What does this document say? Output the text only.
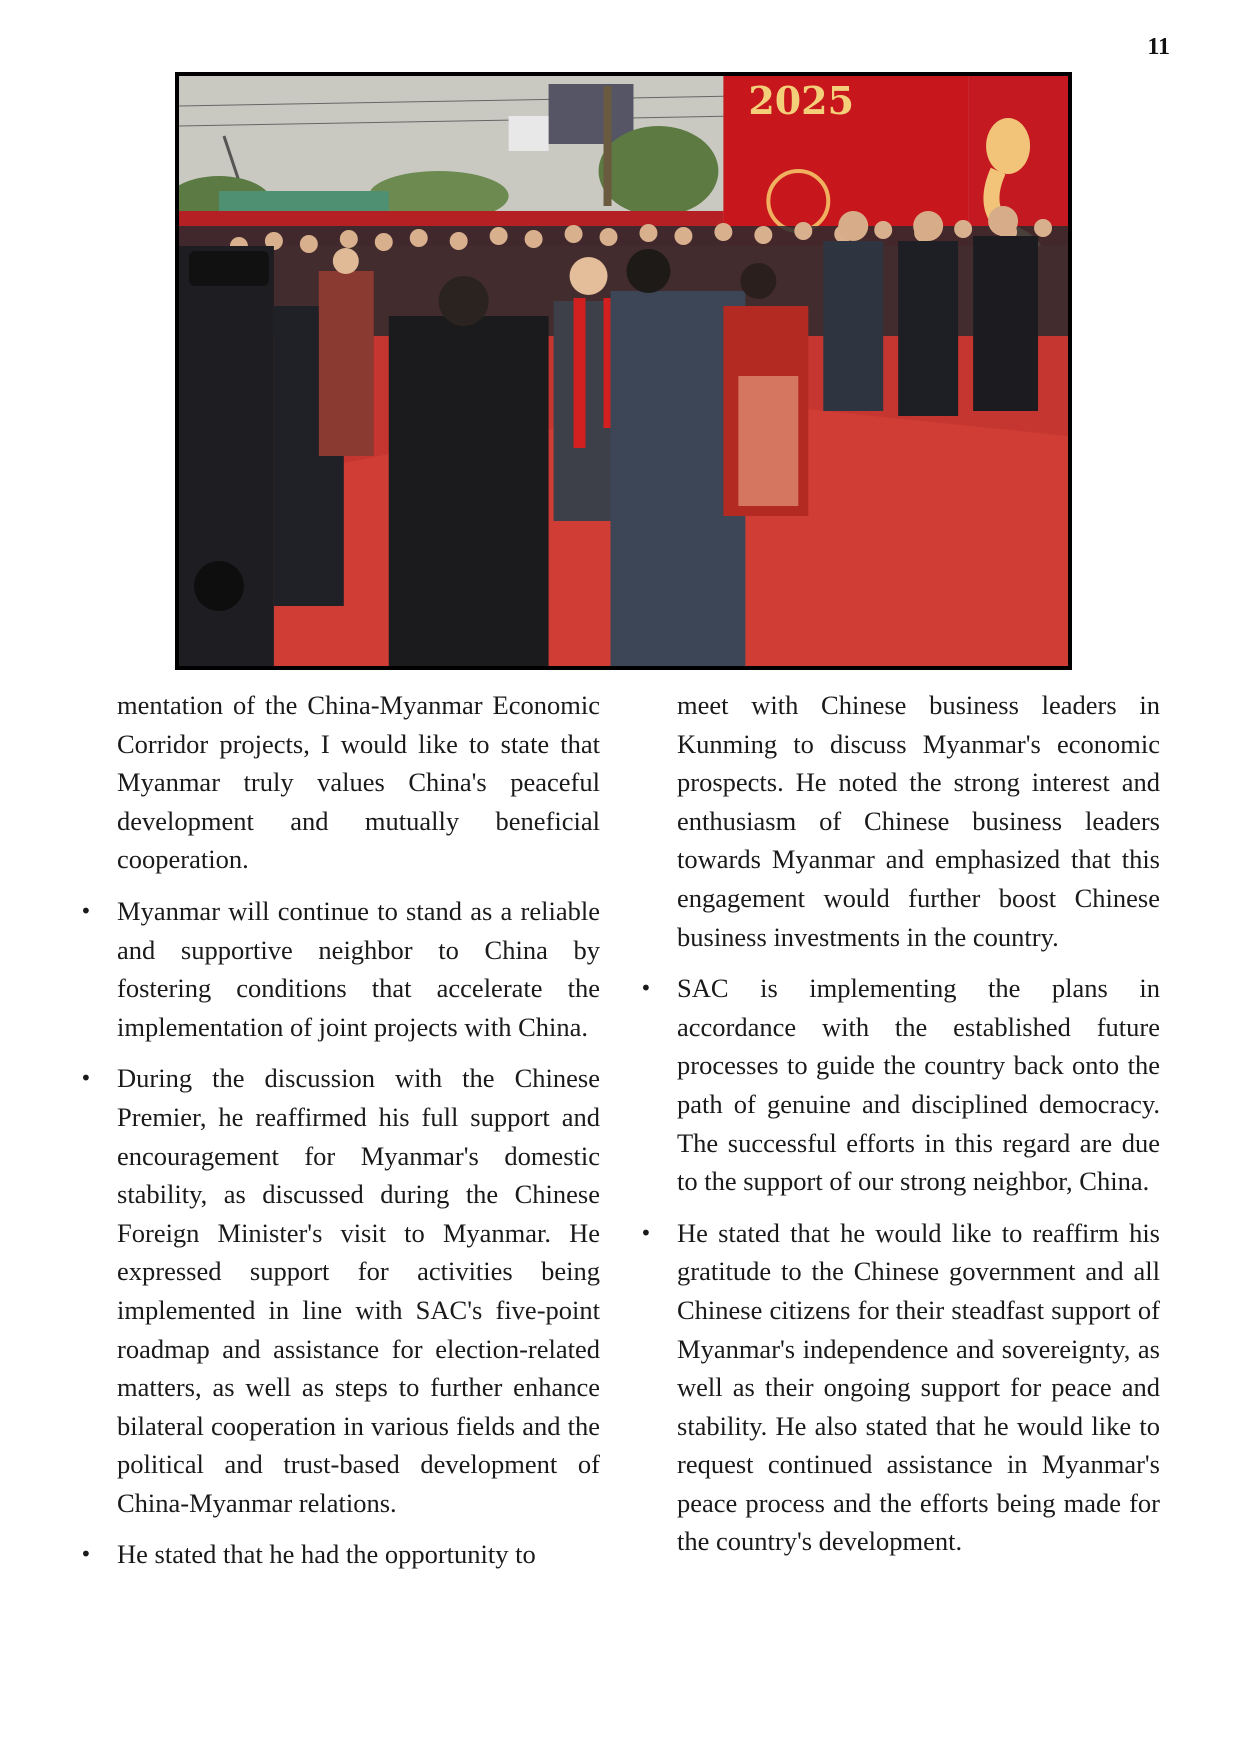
11
2025

mentation of the China-Myanmar Economic Corridor projects, I would like to state that Myanmar truly values China's peaceful development and mutually beneficial cooperation.

• Myanmar will continue to stand as a reliable and supportive neighbor to China by fostering conditions that accelerate the implementation of joint projects with China.

• During the discussion with the Chinese Premier, he reaffirmed his full support and encouragement for Myanmar's domestic stability, as discussed during the Chinese Foreign Minister's visit to Myanmar. He expressed support for activities being implemented in line with SAC's five-point roadmap and assistance for election-related matters, as well as steps to further enhance bilateral cooperation in various fields and the political and trust-based development of China-Myanmar relations.

• He stated that he had the opportunity to

meet with Chinese business leaders in Kunming to discuss Myanmar's economic prospects. He noted the strong interest and enthusiasm of Chinese business leaders towards Myanmar and emphasized that this engagement would further boost Chinese business investments in the country.

• SAC is implementing the plans in accordance with the established future processes to guide the country back onto the path of genuine and disciplined democracy. The successful efforts in this regard are due to the support of our strong neighbor, China.

• He stated that he would like to reaffirm his gratitude to the Chinese government and all Chinese citizens for their steadfast support of Myanmar's independence and sovereignty, as well as their ongoing support for peace and stability. He also stated that he would like to request continued assistance in Myanmar's peace process and the efforts being made for the country's development.
